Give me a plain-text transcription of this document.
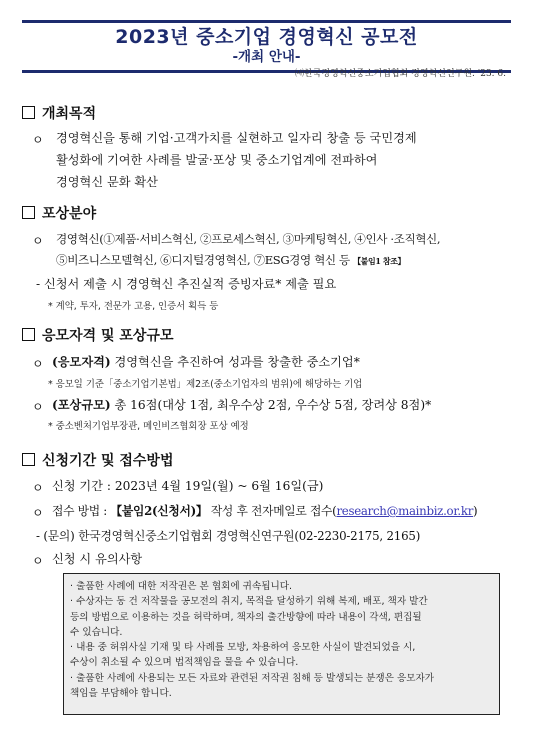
2023년 중소기업 경영혁신 공모전
-개최 안내-
㈔한국경영혁신중소기업협회 경영혁신연구원. '23. 6.
개최목적
ㅇ 경영혁신을 통해 기업·고객가치를 실현하고 일자리 창출 등 국민경제
활성화에 기여한 사례를 발굴·포상 및 중소기업계에 전파하여
경영혁신 문화 확산
포상분야
ㅇ 경영혁신(①제품·서비스혁신, ②프로세스혁신, ③마케팅혁신, ④인사 ·조직혁신,
⑤비즈니스모델혁신, ⑥디지털경영혁신, ⑦ESG경영 혁신 등 【붙임1 참조】
- 신청서 제출 시 경영혁신 추진실적 증빙자료* 제출 필요
* 계약, 투자, 전문가 고용, 인증서 획득 등
응모자격 및 포상규모
ㅇ (응모자격) 경영혁신을 추진하여 성과를 창출한 중소기업*
* 응모일 기준「중소기업기본법」제2조(중소기업자의 범위)에 해당하는 기업
ㅇ (포상규모) 총 16점(대상 1점, 최우수상 2점, 우수상 5점, 장려상 8점)*
* 중소벤처기업부장관, 메인비즈협회장 포상 예정
신청기간 및 접수방법
ㅇ 신청 기간 : 2023년 4월 19일(월) ~ 6월 16일(금)
ㅇ 접수 방법 : 【붙임2(신청서)】 작성 후 전자메일로 접수(research@mainbiz.or.kr)
- (문의) 한국경영혁신중소기업협회 경영혁신연구원(02-2230-2175, 2165)
ㅇ 신청 시 유의사항

· 출품한 사례에 대한 저작권은 본 협회에 귀속됩니다.

· 수상자는 동 건 저작물을 공모전의 취지, 목적을 달성하기 위해 복제, 배포, 책자 발간

등의 방법으로 이용하는 것을 허락하며, 책자의 출간방향에 따라 내용이 각색, 편집될

수 있습니다.

· 내용 중 허위사실 기재 및 타 사례를 모방, 차용하여 응모한 사실이 발견되었을 시,

수상이 취소될 수 있으며 법적책임을 물을 수 있습니다.

· 출품한 사례에 사용되는 모든 자료와 관련된 저작권 침해 등 발생되는 분쟁은 응모자가

책임을 부담해야 합니다.
